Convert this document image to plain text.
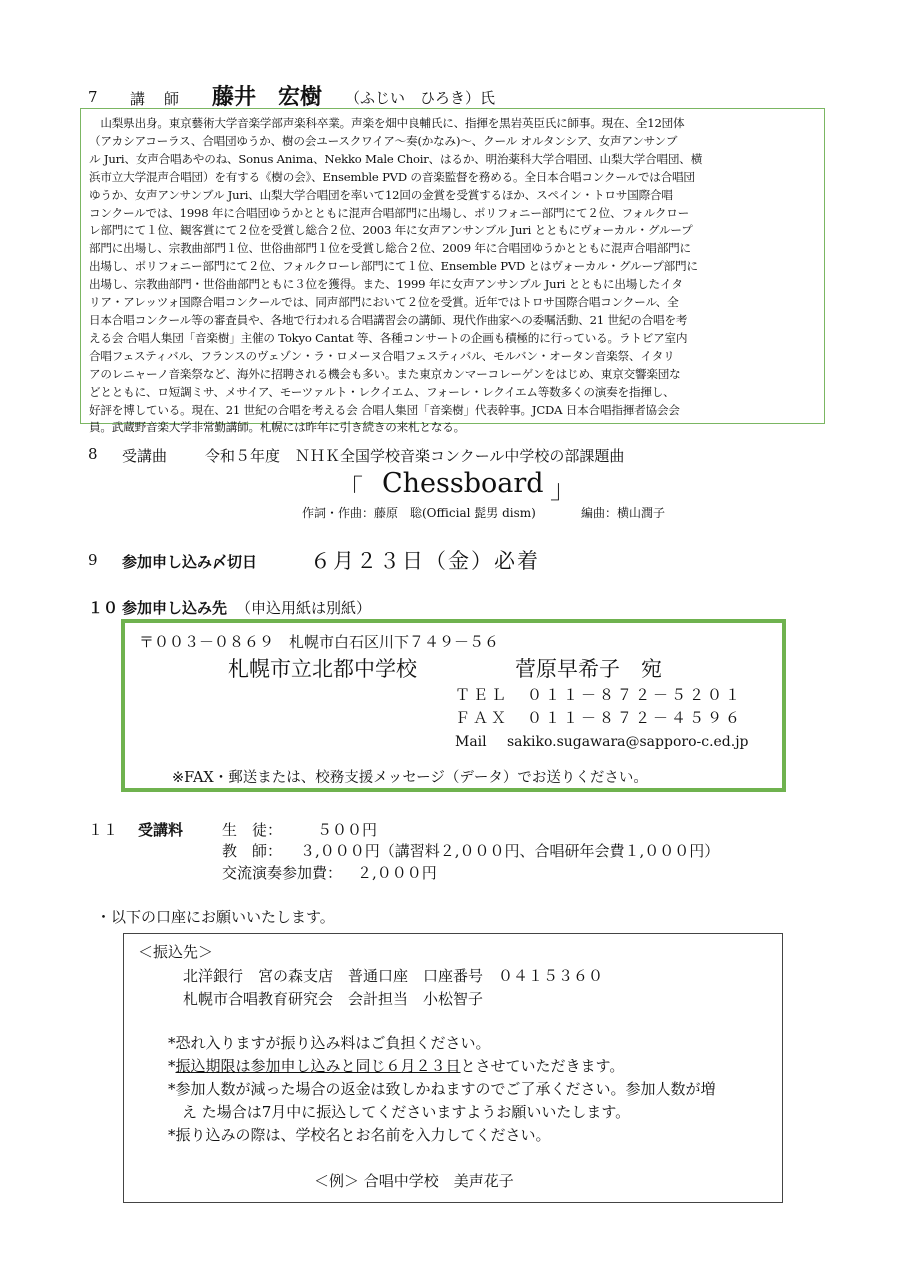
7 講　師 藤井　宏樹 （ふじい　ひろき）氏
　山梨県出身。東京藝術大学音楽学部声楽科卒業。声楽を畑中良輔氏に、指揮を黒岩英臣氏に師事。現在、全12団体
（アカシアコーラス、合唱団ゆうか、樹の会ユースクワイア～奏(かなみ)～、クール オルタンシア、女声アンサンブ
ル Juri、女声合唱あやのね、Sonus Anima、Nekko Male Choir、はるか、明治薬科大学合唱団、山梨大学合唱団、横
浜市立大学混声合唱団）を有する《樹の会》、Ensemble PVD の音楽監督を務める。全日本合唱コンクールでは合唱団
ゆうか、女声アンサンブル Juri、山梨大学合唱団を率いて12回の金賞を受賞するほか、スペイン・トロサ国際合唱
コンクールでは、1998 年に合唱団ゆうかとともに混声合唱部門に出場し、ポリフォニー部門にて２位、フォルクロー
レ部門にて１位、観客賞にて２位を受賞し総合２位、2003 年に女声アンサンブル Juri とともにヴォーカル・グループ
部門に出場し、宗教曲部門１位、世俗曲部門１位を受賞し総合２位、2009 年に合唱団ゆうかとともに混声合唱部門に
出場し、ポリフォニー部門にて２位、フォルクローレ部門にて１位、Ensemble PVD とはヴォーカル・グループ部門に
出場し、宗教曲部門・世俗曲部門ともに３位を獲得。また、1999 年に女声アンサンブル Juri とともに出場したイタ
リア・アレッツォ国際合唱コンクールでは、同声部門において２位を受賞。近年ではトロサ国際合唱コンクール、全
日本合唱コンクール等の審査員や、各地で行われる合唱講習会の講師、現代作曲家への委嘱活動、21 世紀の合唱を考
える会 合唱人集団「音楽樹」主催の Tokyo Cantat 等、各種コンサートの企画も積極的に行っている。ラトビア室内
合唱フェスティバル、フランスのヴェゾン・ラ・ロメーヌ合唱フェスティバル、モルバン・オータン音楽祭、イタリ
アのレニャーノ音楽祭など、海外に招聘される機会も多い。また東京カンマーコレーゲンをはじめ、東京交響楽団な
どとともに、ロ短調ミサ、メサイア、モーツァルト・レクイエム、フォーレ・レクイエム等数多くの演奏を指揮し、
好評を博している。現在、21 世紀の合唱を考える会 合唱人集団「音楽樹」代表幹事。JCDA 日本合唱指揮者協会会
員。武蔵野音楽大学非常勤講師。札幌には昨年に引き続きの来札となる。
8 受講曲	令和５年度　ＮＨＫ全国学校音楽コンクール中学校の部課題曲
「 Chessboard 」
作詞・作曲：藤原　聡(Official 髭男 dism)	編曲：横山潤子
9 参加申し込み〆切日	６月２３日（金）必着
１０ 参加申し込み先 （申込用紙は別紙）
〒００３－０８６９　札幌市白石区川下７４９－５６
札幌市立北都中学校	菅原早希子　宛
ＴＥＬ ０１１－８７２－５２０１
ＦＡＸ ０１１－８７２－４５９６
Mail sakiko.sugawara@sapporo-c.ed.jp
※FAX・郵送または、校務支援メッセージ（データ）でお送りください。
１１ 受講料	生　徒： ５００円
教　師： ３,０００円（講習料２,０００円、合唱研年会費１,０００円）
交流演奏参加費： ２,０００円
・以下の口座にお願いいたします。
＜振込先＞
北洋銀行　宮の森支店　普通口座　口座番号　０４１５３６０
札幌市合唱教育研究会　会計担当　小松智子
*恐れ入りますが振り込み料はご負担ください。
*振込期限は参加申し込みと同じ６月２３日とさせていただきます。
*参加人数が減った場合の返金は致しかねますのでご了承ください。参加人数が増
え た場合は7月中に振込してくださいますようお願いいたします。
*振り込みの際は、学校名とお名前を入力してください。
＜例＞ 合唱中学校　美声花子
